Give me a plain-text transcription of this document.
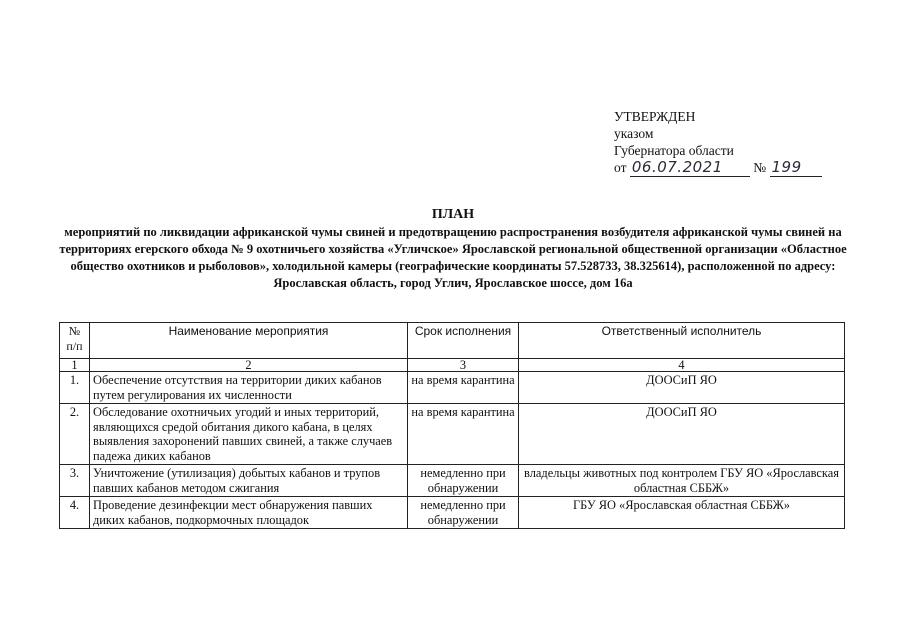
УТВЕРЖДЕН
указом
Губернатора области
от 06.07.2021 № 199
ПЛАН
мероприятий по ликвидации африканской чумы свиней и предотвращению распространения возбудителя африканской чумы свиней на территориях егерского обхода № 9 охотничьего хозяйства «Угличское» Ярославской региональной общественной организации «Областное общество охотников и рыболовов», холодильной камеры (географические координаты 57.528733, 38.325614), расположенной по адресу: Ярославская область, город Углич, Ярославское шоссе, дом 16а
№ п/п	Наименование мероприятия	Срок исполнения	Ответственный исполнитель
1	2	3	4
1.	Обеспечение отсутствия на территории диких кабанов путем регулирования их численности	на время карантина	ДООСиП ЯО
2.	Обследование охотничьих угодий и иных территорий, являющихся средой обитания дикого кабана, в целях выявления захоронений павших свиней, а также случаев падежа диких кабанов	на время карантина	ДООСиП ЯО
3.	Уничтожение (утилизация) добытых кабанов и трупов павших кабанов методом сжигания	немедленно при обнаружении	владельцы животных под контролем ГБУ ЯО «Ярославская областная СББЖ»
4.	Проведение дезинфекции мест обнаружения павших диких кабанов, подкормочных площадок	немедленно при обнаружении	ГБУ ЯО «Ярославская областная СББЖ»
